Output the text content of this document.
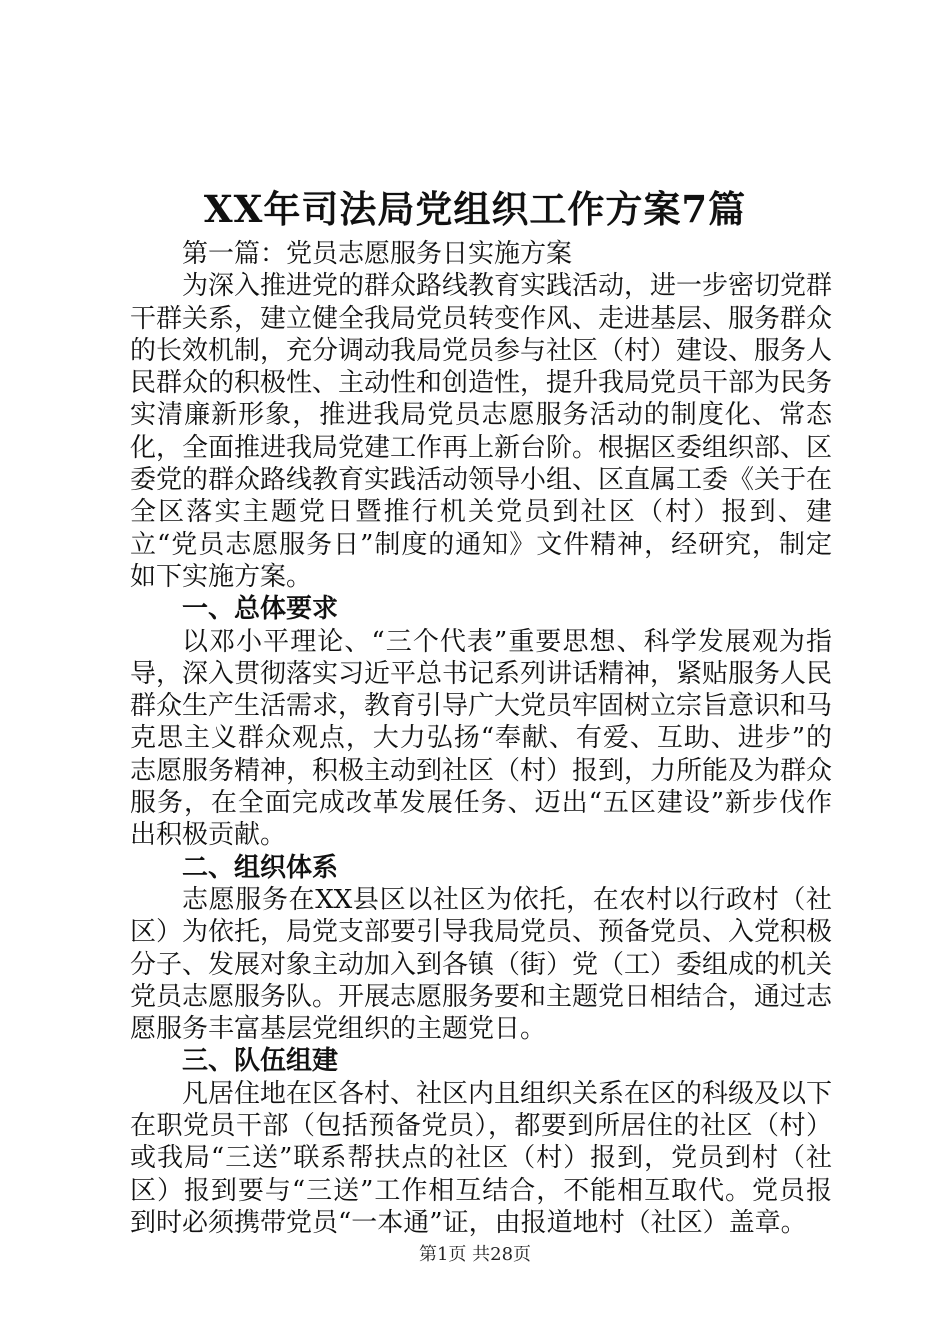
XX年司法局党组织工作方案7篇

第一篇：党员志愿服务日实施方案

为深入推进党的群众路线教育实践活动，进一步密切党群干群关系，建立健全我局党员转变作风、走进基层、服务群众的长效机制，充分调动我局党员参与社区（村）建设、服务人民群众的积极性、主动性和创造性，提升我局党员干部为民务实清廉新形象，推进我局党员志愿服务活动的制度化、常态化，全面推进我局党建工作再上新台阶。根据区委组织部、区委党的群众路线教育实践活动领导小组、区直属工委《关于在全区落实主题党日暨推行机关党员到社区（村）报到、建立“党员志愿服务日”制度的通知》文件精神，经研究，制定如下实施方案。

一、总体要求

以邓小平理论、“三个代表”重要思想、科学发展观为指导，深入贯彻落实习近平总书记系列讲话精神，紧贴服务人民群众生产生活需求，教育引导广大党员牢固树立宗旨意识和马克思主义群众观点，大力弘扬“奉献、有爱、互助、进步”的志愿服务精神，积极主动到社区（村）报到，力所能及为群众服务，在全面完成改革发展任务、迈出“五区建设”新步伐作出积极贡献。

二、组织体系

志愿服务在XX县区以社区为依托，在农村以行政村（社区）为依托，局党支部要引导我局党员、预备党员、入党积极分子、发展对象主动加入到各镇（街）党（工）委组成的机关党员志愿服务队。开展志愿服务要和主题党日相结合，通过志愿服务丰富基层党组织的主题党日。

三、队伍组建

凡居住地在区各村、社区内且组织关系在区的科级及以下在职党员干部（包括预备党员），都要到所居住的社区（村）或我局“三送”联系帮扶点的社区（村）报到，党员到村（社区）报到要与“三送”工作相互结合，不能相互取代。党员报到时必须携带党员“一本通”证，由报道地村（社区）盖章。

第1页 共28页
